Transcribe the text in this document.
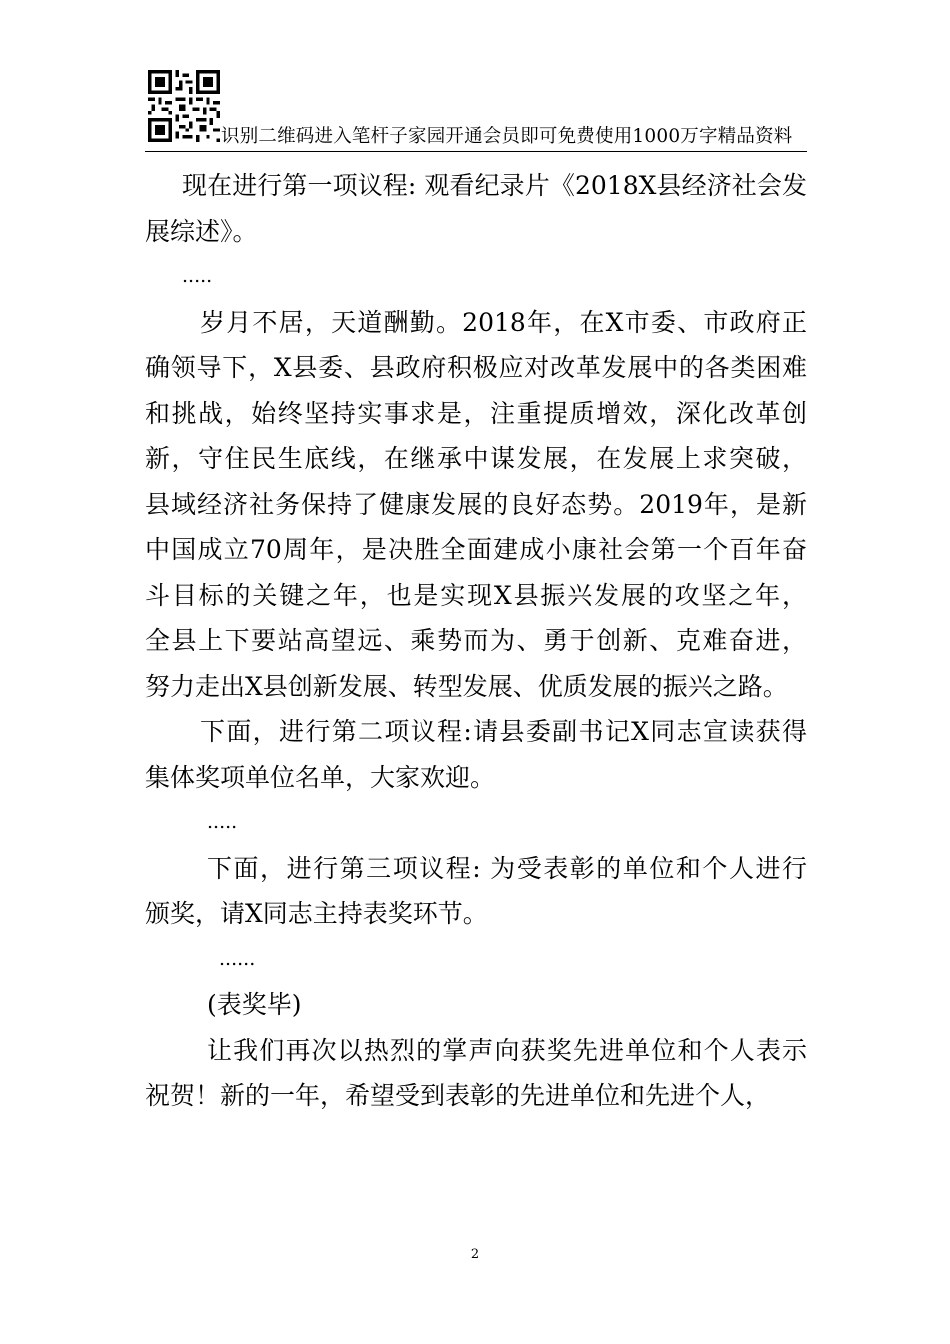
识别二维码进入笔杆子家园开通会员即可免费使用1000万字精品资料
现在进行第一项议程: 观看纪录片《2018X县经济社会发
展综述》。
.....
岁月不居，天道酬勤。2018年，在X市委、市政府正
确领导下，X县委、县政府积极应对改革发展中的各类困难
和挑战，始终坚持实事求是，注重提质增效，深化改革创
新，守住民生底线，在继承中谋发展，在发展上求突破，
县域经济社务保持了健康发展的良好态势。2019年，是新
中国成立70周年，是决胜全面建成小康社会第一个百年奋
斗目标的关键之年，也是实现X县振兴发展的攻坚之年，
全县上下要站高望远、乘势而为、勇于创新、克难奋进，
努力走出X县创新发展、转型发展、优质发展的振兴之路。
下面，进行第二项议程:请县委副书记X同志宣读获得
集体奖项单位名单，大家欢迎。
.....
下面，进行第三项议程: 为受表彰的单位和个人进行
颁奖，请X同志主持表奖环节。
......
(表奖毕)
让我们再次以热烈的掌声向获奖先进单位和个人表示
祝贺！新的一年，希望受到表彰的先进单位和先进个人，
2
